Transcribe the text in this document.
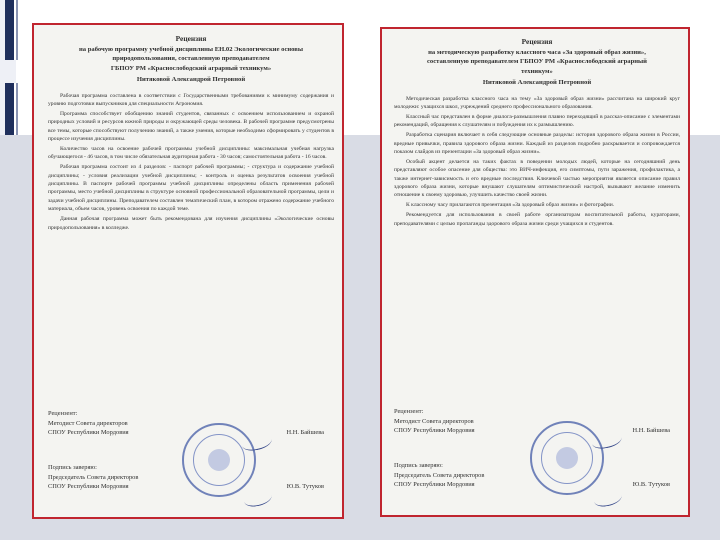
Рецензия
на рабочую программу учебной дисциплины ЕН.02 Экологические основы
природопользования, составленную преподавателем
ГБПОУ РМ «Краснослободский аграрный техникум»
Нитяковой Александрой Петровной

Рабочая программа составлена в соответствии с Государственными требованиями к минимуму содержания и уровню подготовки выпускников для специальности Агрономия.

Программа способствует обобщению знаний студентов, связанных с освоением использованием и охраной природных условий и ресурсов южной природы и окружающей среды человека. В рабочей программе предусмотрены все темы, которые способствуют получению знаний, а также умения, которые необходимо сформировать у студентов в процессе изучения дисциплины.

Количество часов на освоение рабочей программы учебной дисциплины: максимальная учебная нагрузка обучающегося - 46 часов, в том числе обязательная аудиторная работа - 30 часов; самостоятельная работа - 16 часов.

Рабочая программа состоит из 4 разделов: - паспорт рабочей программы; - структура и содержание учебной дисциплины; - условия реализации учебной дисциплины; - контроль и оценка результатов освоения учебной дисциплины. В паспорте рабочей программы учебной дисциплины определены область применения рабочей программы, место учебной дисциплины в структуре основной профессиональной образовательной программы, цели и задачи учебной дисциплины. Преподавателем составлен тематический план, в котором отражено содержание учебного материала, объем часов, уровень освоения по каждой теме.

Данная рабочая программа может быть рекомендована для изучения дисциплины «Экологические основы природопользования» в колледже.

Рецензент:
Методист Совета директоров
СПОУ Республики Мордовия	Н.Н. Байшева
Подпись заверяю:
Председатель Совета директоров
СПОУ Республики Мордовия	Ю.В. Тутуков
Рецензия
на методическую разработку классного часа «За здоровый образ жизни»,
составленную преподавателем ГБПОУ РМ «Краснослободский аграрный
техникум»
Нитяковой Александрой Петровной

Методическая разработка классного часа на тему «За здоровый образ жизни» рассчитана на широкий круг молодежи: учащихся школ, учреждений среднего профессионального образования.

Классный час представлен в форме диалога-размышления плавно переходящий в рассказ-описание с элементами рекомендаций, обращения к слушателям и побуждения их к размышлению.

Разработка сценария включает в себя следующие основные разделы: история здорового образа жизни в России, вредные привычки, правила здорового образа жизни. Каждый из разделов подробно раскрывается и сопровождается показом слайдов из презентации «За здоровый образ жизни».

Особый акцент делается на таких фактах в поведении молодых людей, которые на сегодняшний день представляют особое опасение для общества: это ВИЧ-инфекция, его симптомы, пути заражения, профилактика, а также интернет-зависимость и его вредные последствия. Ключевой частью мероприятия является описание правил здорового образа жизни, которые внушают слушателям оптимистический настрой, вызывают желание изменить отношение к своему здоровью, улучшить качество своей жизни.

К классному часу прилагаются презентация «За здоровый образ жизни» и фотографии.

Рекомендуется для использования в своей работе организаторам воспитательной работы, кураторами, преподавателями с целью пропаганды здорового образа жизни среди учащихся и студентов.

Рецензент:
Методист Совета директоров
СПОУ Республики Мордовия	Н.Н. Байшева
Подпись заверяю:
Председатель Совета директоров
СПОУ Республики Мордовия	Ю.В. Тутуков
